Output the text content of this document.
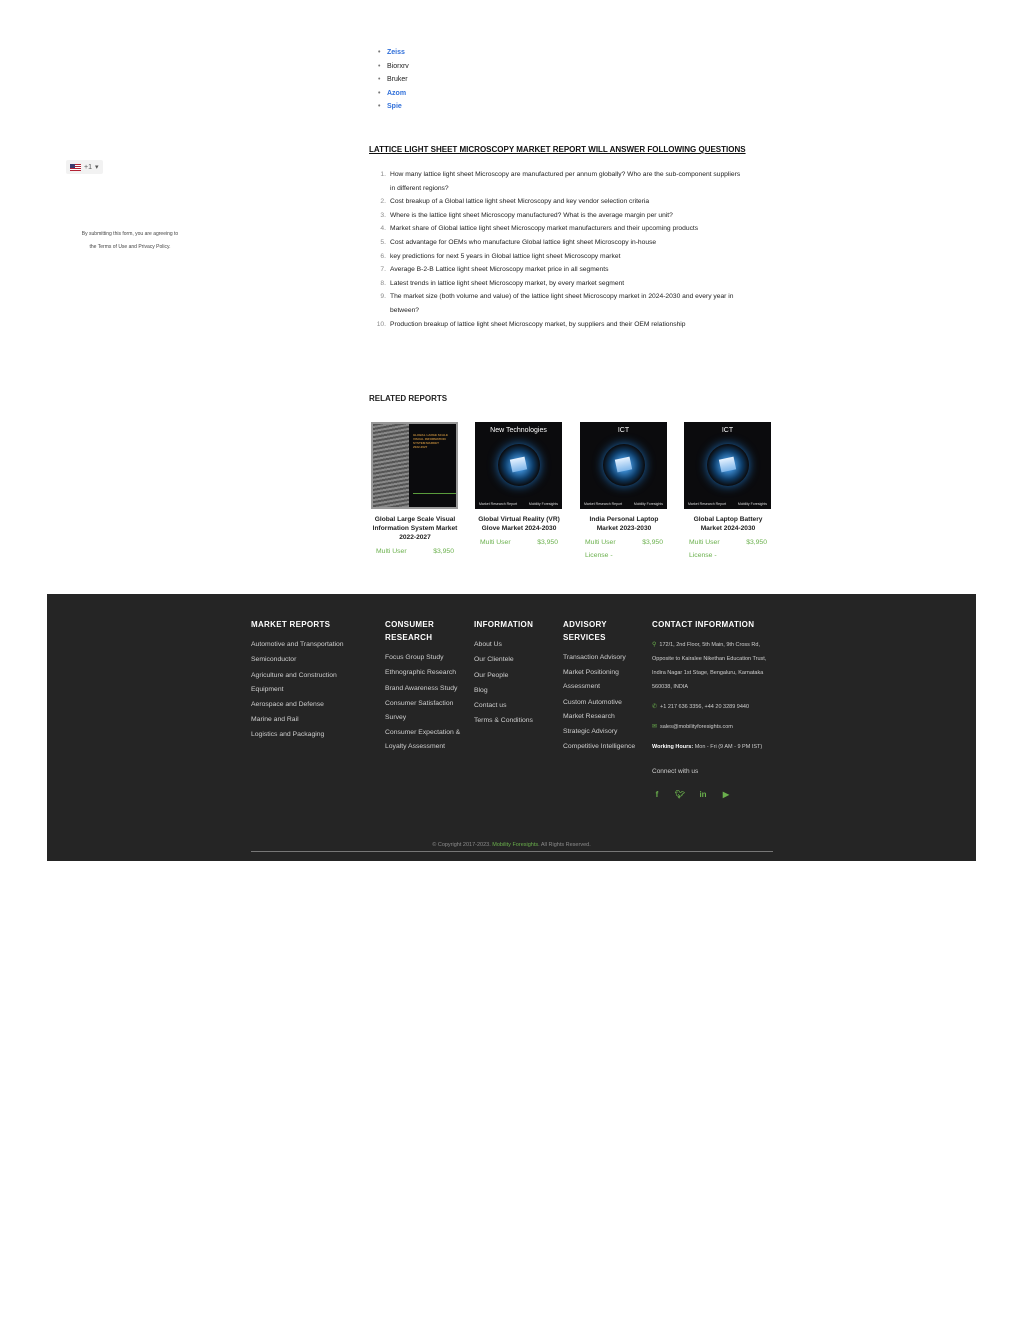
+1 ▾
By submitting this form, you are agreeing to
the Terms of Use and Privacy Policy.
• Zeiss
• Biorxrv
• Bruker
• Azom
• Spie
LATTICE LIGHT SHEET MICROSCOPY MARKET REPORT WILL ANSWER FOLLOWING QUESTIONS
1. How many lattice light sheet Microscopy are manufactured per annum globally? Who are the sub-component suppliers
in different regions?
2. Cost breakup of a Global lattice light sheet Microscopy and key vendor selection criteria
3. Where is the lattice light sheet Microscopy manufactured? What is the average margin per unit?
4. Market share of Global lattice light sheet Microscopy market manufacturers and their upcoming products
5. Cost advantage for OEMs who manufacture Global lattice light sheet Microscopy in-house
6. key predictions for next 5 years in Global lattice light sheet Microscopy market
7. Average B-2-B Lattice light sheet Microscopy market price in all segments
8. Latest trends in lattice light sheet Microscopy market, by every market segment
9. The market size (both volume and value) of the lattice light sheet Microscopy market in 2024-2030 and every year in
between?
10. Production breakup of lattice light sheet Microscopy market, by suppliers and their OEM relationship
RELATED REPORTS
GLOBAL LARGE SCALE
VISUAL INFORMATION
SYSTEM MARKET
2022-2027
Global Large Scale Visual Information System Market 2022-2027
Multi User	$3,950
New Technologies
Market Research Report	Mobility Foresights
Global Virtual Reality (VR) Glove Market 2024-2030
Multi User	$3,950
ICT
Market Research Report	Mobility Foresights
India Personal Laptop Market 2023-2030
Multi User License -
$3,950
ICT
Market Research Report	Mobility Foresights
Global Laptop Battery Market 2024-2030
Multi User License -
$3,950
MARKET REPORTS
Automotive and Transportation
Semiconductor
Agriculture and Construction Equipment
Aerospace and Defense
Marine and Rail
Logistics and Packaging
CONSUMER RESEARCH
Focus Group Study
Ethnographic Research
Brand Awareness Study
Consumer Satisfaction Survey
Consumer Expectation & Loyalty Assessment
INFORMATION
About Us
Our Clientele
Our People
Blog
Contact us
Terms & Conditions
ADVISORY SERVICES
Transaction Advisory
Market Positioning Assessment
Custom Automotive Market Research
Strategic Advisory
Competitive Intelligence
CONTACT INFORMATION
⚲ 172/1, 2nd Floor, 5th Main, 9th Cross Rd, Opposite to Kairalee Nikethan Education Trust, Indira Nagar 1st Stage, Bengaluru, Karnataka 560038, INDIA
✆ +1 217 636 3356, +44 20 3289 9440
✉ sales@mobilityforesights.com
Working Hours: Mon - Fri (9 AM - 9 PM IST)
Connect with us
f	🐦︎ in ▶
© Copyright 2017-2023. Mobility Foresights. All Rights Reserved.
